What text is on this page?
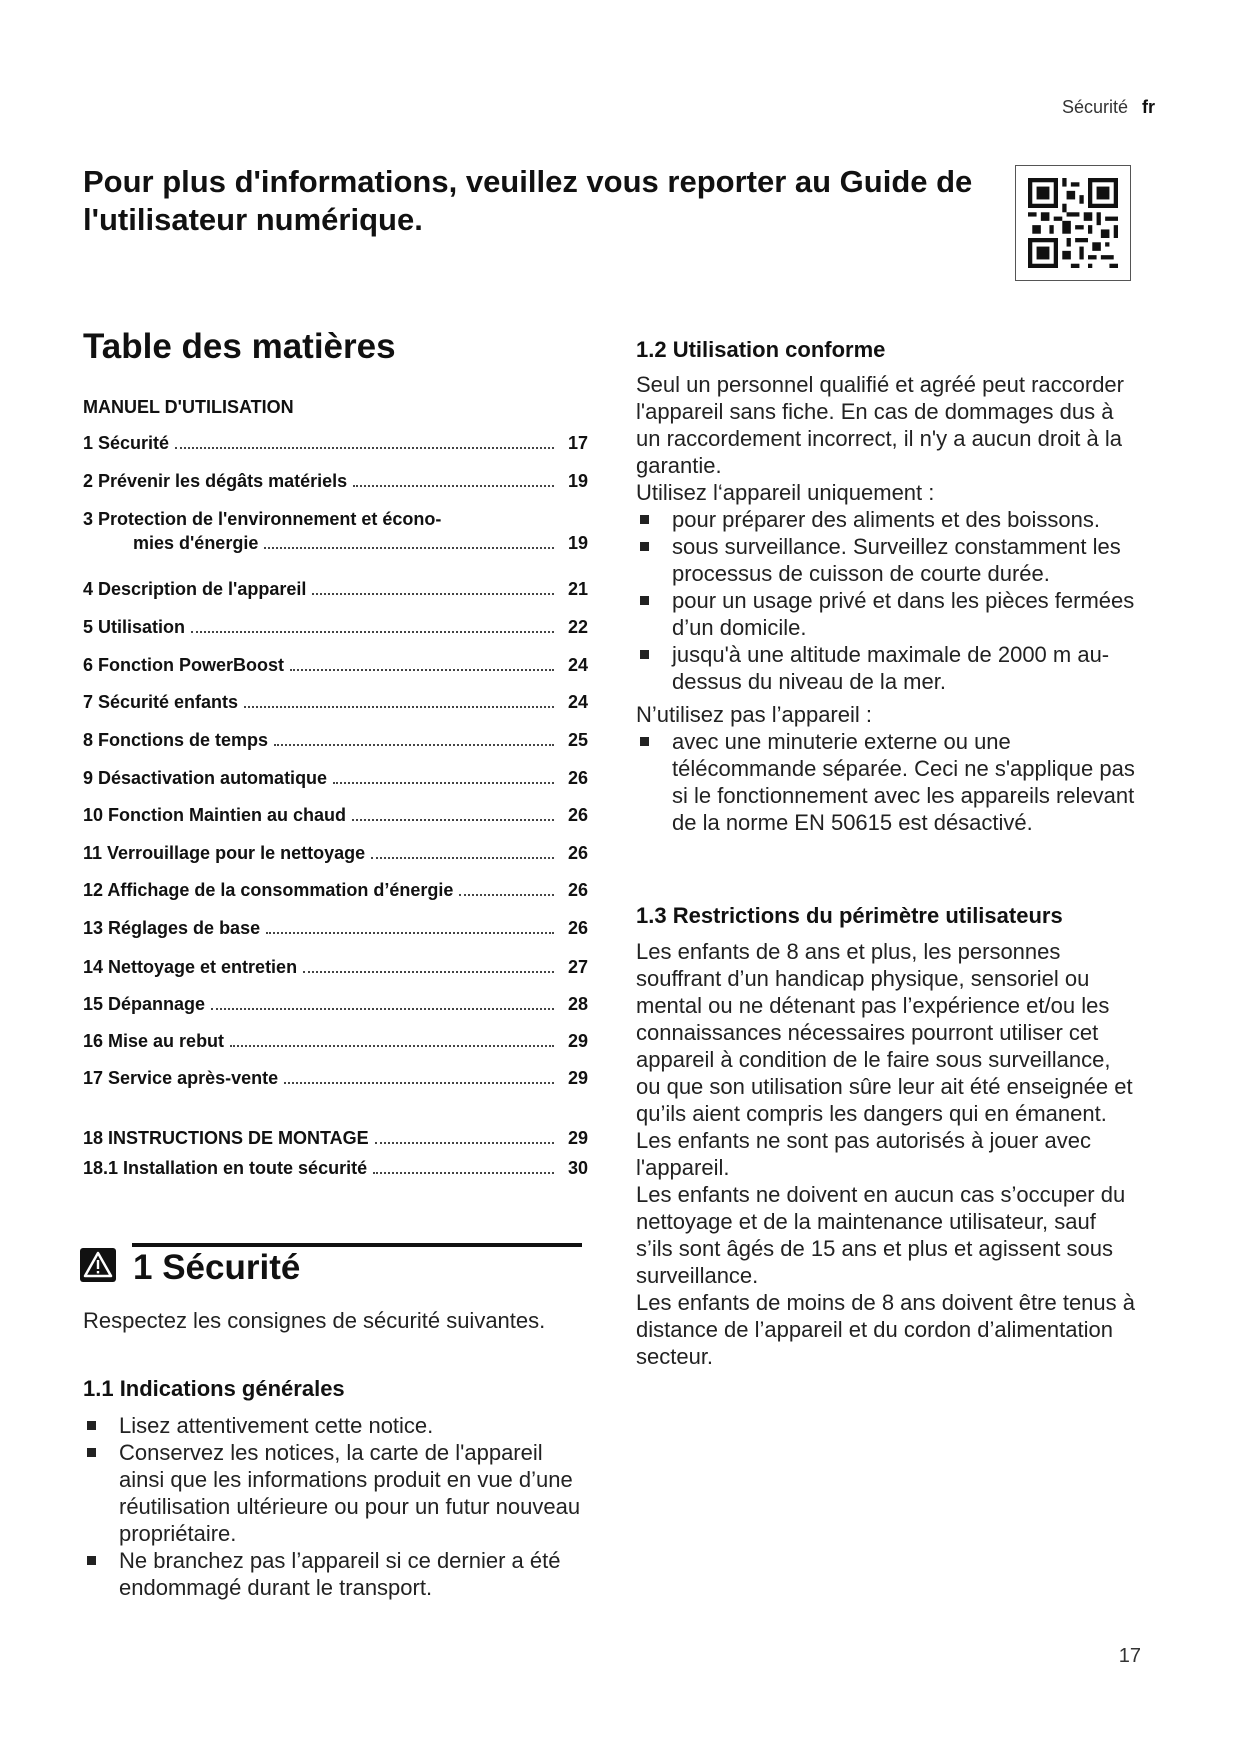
Sécurité fr
Pour plus d'informations, veuillez vous reporter au Guide de l'utilisateur numérique.
Table des matières
MANUEL D'UTILISATION
1 Sécurité	17
2 Prévenir les dégâts matériels	19
3 Protection de l'environnement et écono-
mies d'énergie	19
4 Description de l'appareil	21
5 Utilisation	22
6 Fonction PowerBoost	24
7 Sécurité enfants	24
8 Fonctions de temps	25
9 Désactivation automatique	26
10 Fonction Maintien au chaud	26
11 Verrouillage pour le nettoyage	26
12 Affichage de la consommation d’énergie	26
13 Réglages de base	26
14 Nettoyage et entretien	27
15 Dépannage	28
16 Mise au rebut	29
17 Service après-vente	29
18 INSTRUCTIONS DE MONTAGE	29
18.1 Installation en toute sécurité	30
1 Sécurité
Respectez les consignes de sécurité suivantes.
1.1 Indications générales
Lisez attentivement cette notice.
Conservez les notices, la carte de l'appareil ainsi que les informations produit en vue d’une réutilisation ultérieure ou pour un futur nouveau propriétaire.
Ne branchez pas l’appareil si ce dernier a été endommagé durant le transport.
1.2 Utilisation conforme
Seul un personnel qualifié et agréé peut raccorder l'appareil sans fiche. En cas de dommages dus à un raccordement incorrect, il n'y a aucun droit à la garantie.
Utilisez l‘appareil uniquement :
pour préparer des aliments et des boissons.
sous surveillance. Surveillez constamment les processus de cuisson de courte durée.
pour un usage privé et dans les pièces fermées d’un domicile.
jusqu'à une altitude maximale de 2000 m au-dessus du niveau de la mer.
N’utilisez pas l’appareil :
avec une minuterie externe ou une télécommande séparée. Ceci ne s'applique pas si le fonctionnement avec les appareils relevant de la norme EN 50615 est désactivé.
1.3 Restrictions du périmètre utilisateurs
Les enfants de 8 ans et plus, les personnes souffrant d’un handicap physique, sensoriel ou mental ou ne détenant pas l’expérience et/ou les connaissances nécessaires pourront utiliser cet appareil à condition de le faire sous surveillance, ou que son utilisation sûre leur ait été enseignée et qu’ils aient compris les dangers qui en émanent.
Les enfants ne sont pas autorisés à jouer avec l'appareil.
Les enfants ne doivent en aucun cas s’occuper du nettoyage et de la maintenance utilisateur, sauf s’ils sont âgés de 15 ans et plus et agissent sous surveillance.
Les enfants de moins de 8 ans doivent être tenus à distance de l’appareil et du cordon d’alimentation secteur.
17
